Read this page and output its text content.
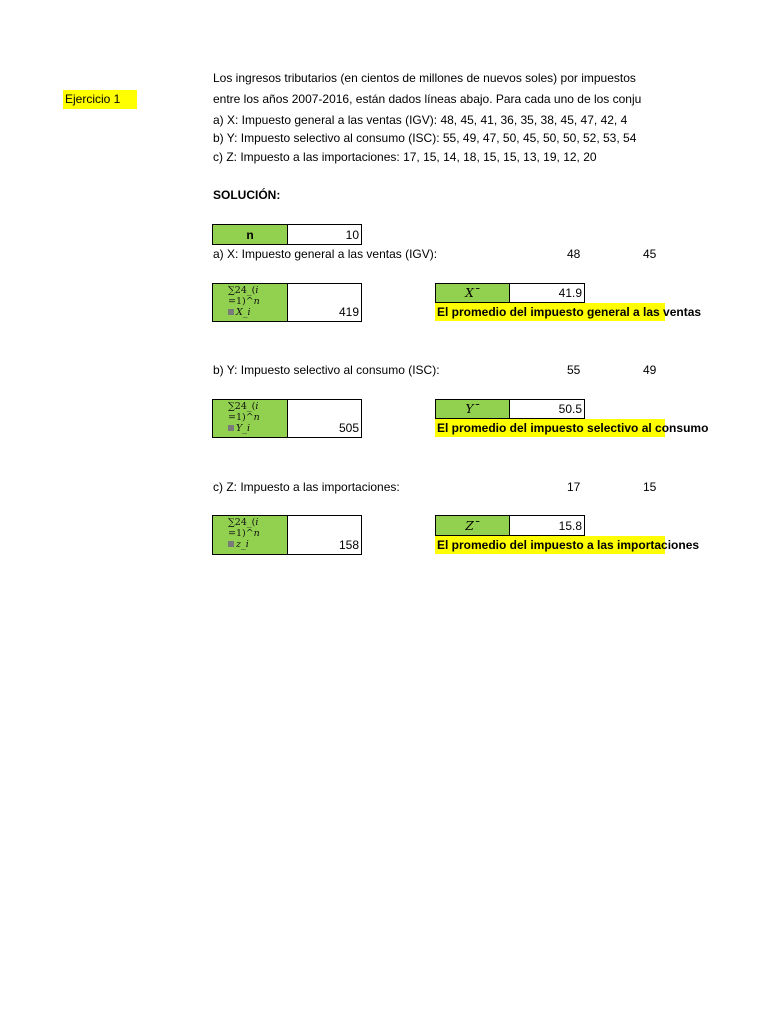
Ejercicio 1
Los ingresos tributarios (en cientos de millones de nuevos soles) por impuestos
entre los años 2007-2016, están dados líneas abajo. Para cada uno de los conju
a) X: Impuesto general a las ventas (IGV): 48, 45, 41, 36, 35, 38, 45, 47, 42, 4
b) Y: Impuesto selectivo al consumo (ISC): 55, 49, 47, 50, 45, 50, 50, 52, 53, 54
c) Z: Impuesto a las importaciones: 17, 15, 14, 18, 15, 15, 13, 19, 12, 20
SOLUCIÓN:
n	10
a) X: Impuesto general a las ventas (IGV):	48	45
∑24_(i
=1)^n
X_i	419
X¯	41.9
El promedio del impuesto general a las ventas
b) Y: Impuesto selectivo al consumo (ISC):	55	49
∑24_(i
=1)^n
Y_i	505
Y¯	50.5
El promedio del impuesto selectivo al consumo
c) Z: Impuesto a las importaciones:	17	15
∑24_(i
=1)^n
z_i	158
Z¯	15.8
El promedio del impuesto a las importaciones
